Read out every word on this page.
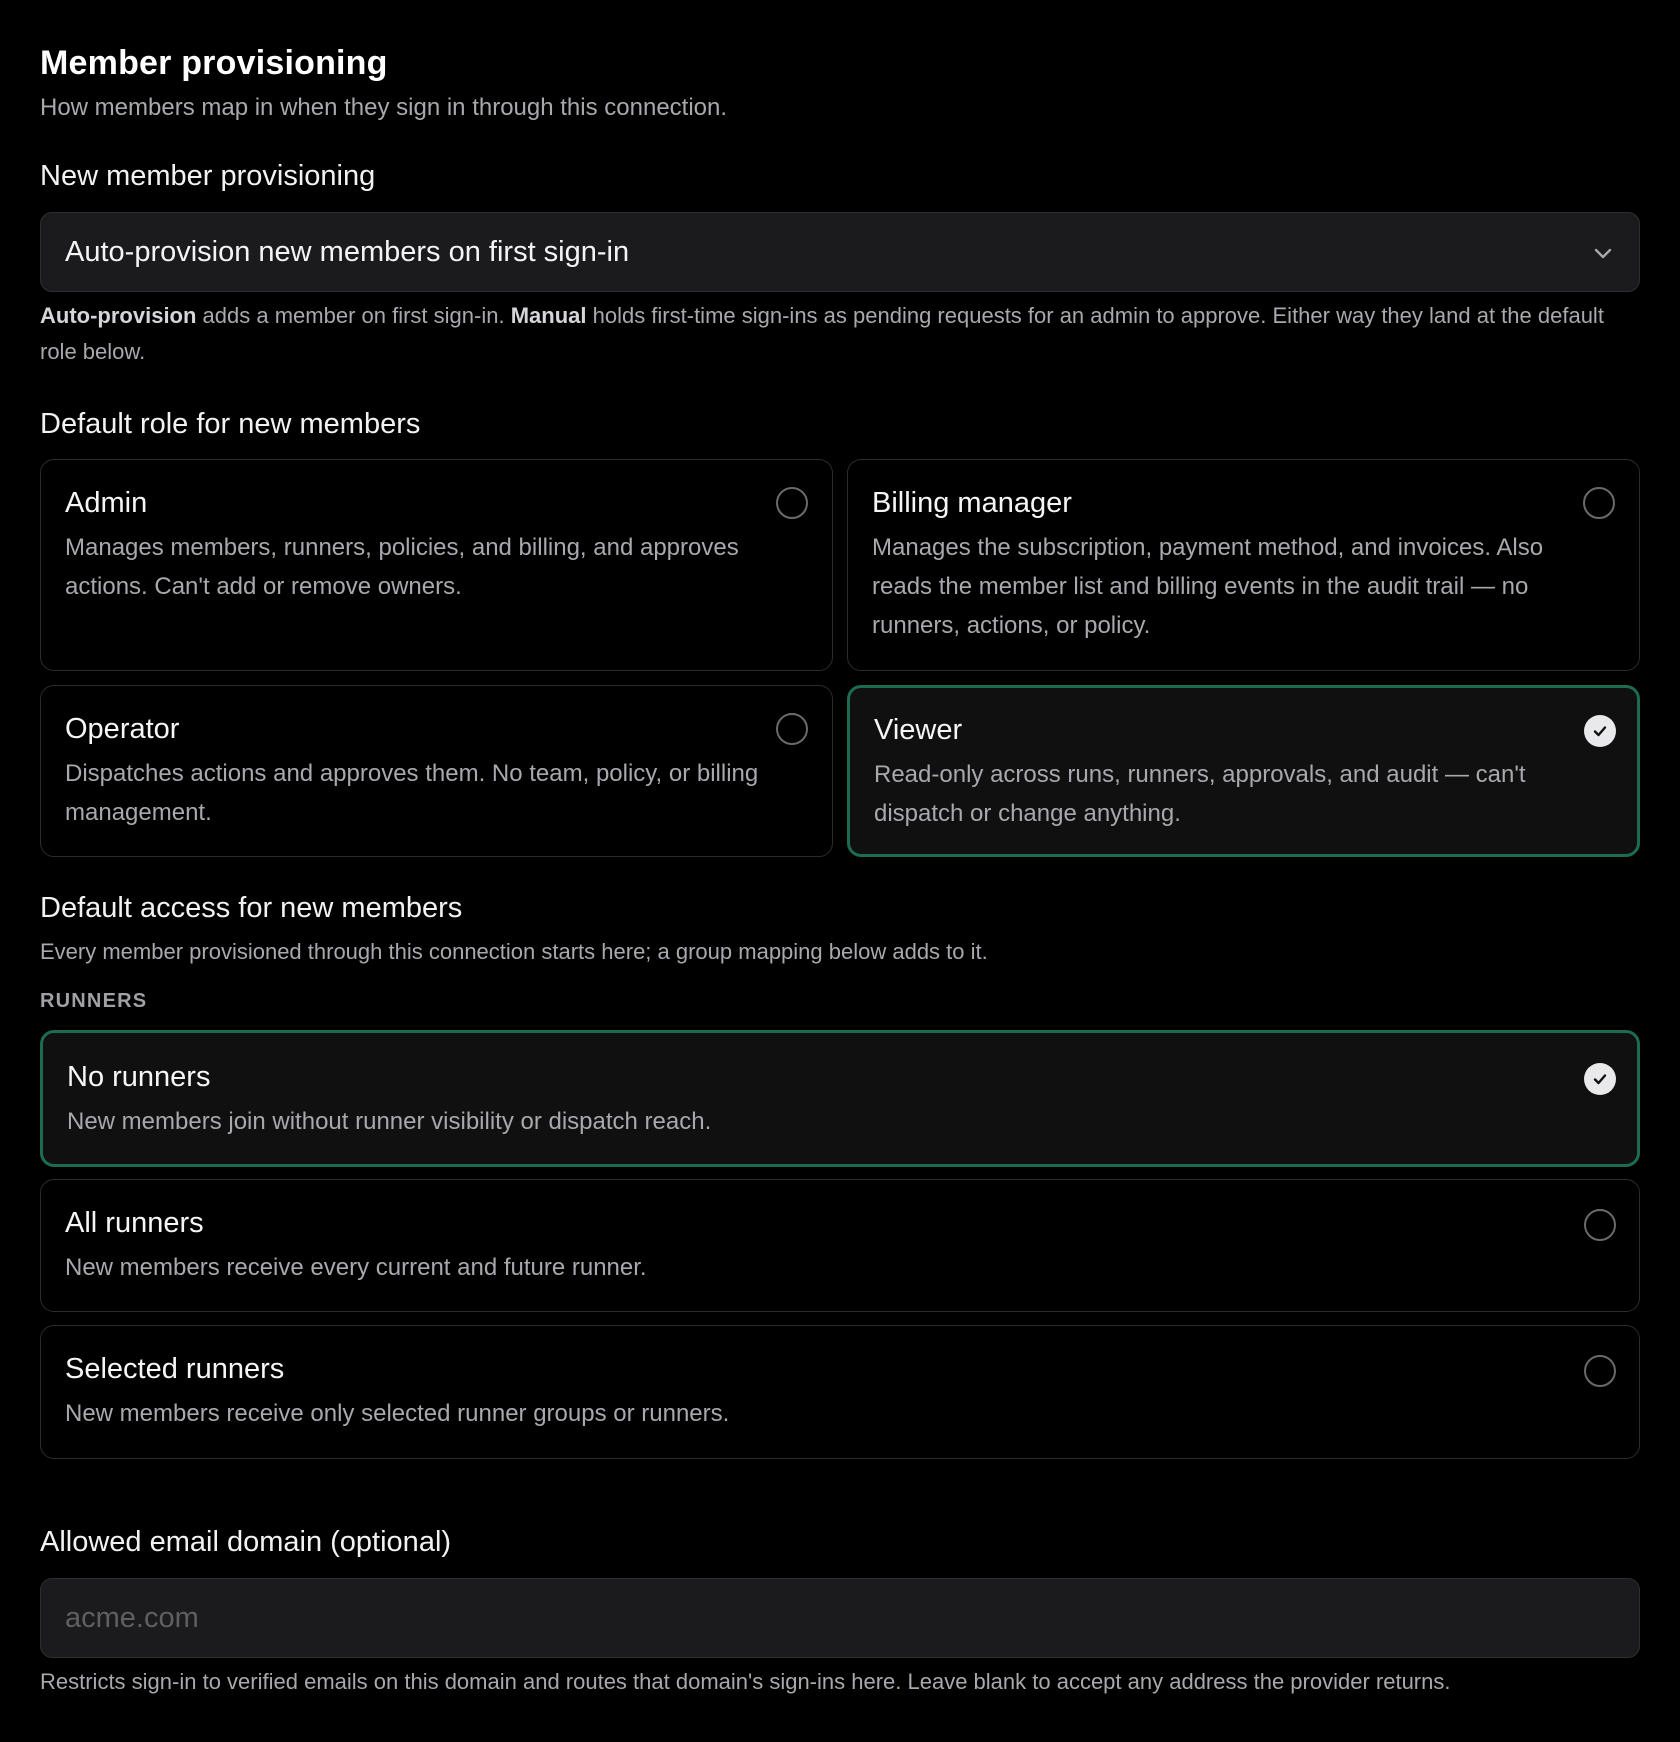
Member provisioning
How members map in when they sign in through this connection.
New member provisioning
Auto-provision new members on first sign-in
Auto-provision adds a member on first sign-in. Manual holds first-time sign-ins as pending requests for an admin to approve. Either way they land at the default role below.
Default role for new members
Admin
Manages members, runners, policies, and billing, and approves actions. Can't add or remove owners.
Billing manager
Manages the subscription, payment method, and invoices. Also reads the member list and billing events in the audit trail — no runners, actions, or policy.
Operator
Dispatches actions and approves them. No team, policy, or billing management.
Viewer
Read-only across runs, runners, approvals, and audit — can't dispatch or change anything.
Default access for new members
Every member provisioned through this connection starts here; a group mapping below adds to it.
RUNNERS
No runners
New members join without runner visibility or dispatch reach.
All runners
New members receive every current and future runner.
Selected runners
New members receive only selected runner groups or runners.
Allowed email domain (optional)
acme.com
Restricts sign-in to verified emails on this domain and routes that domain's sign-ins here. Leave blank to accept any address the provider returns.
